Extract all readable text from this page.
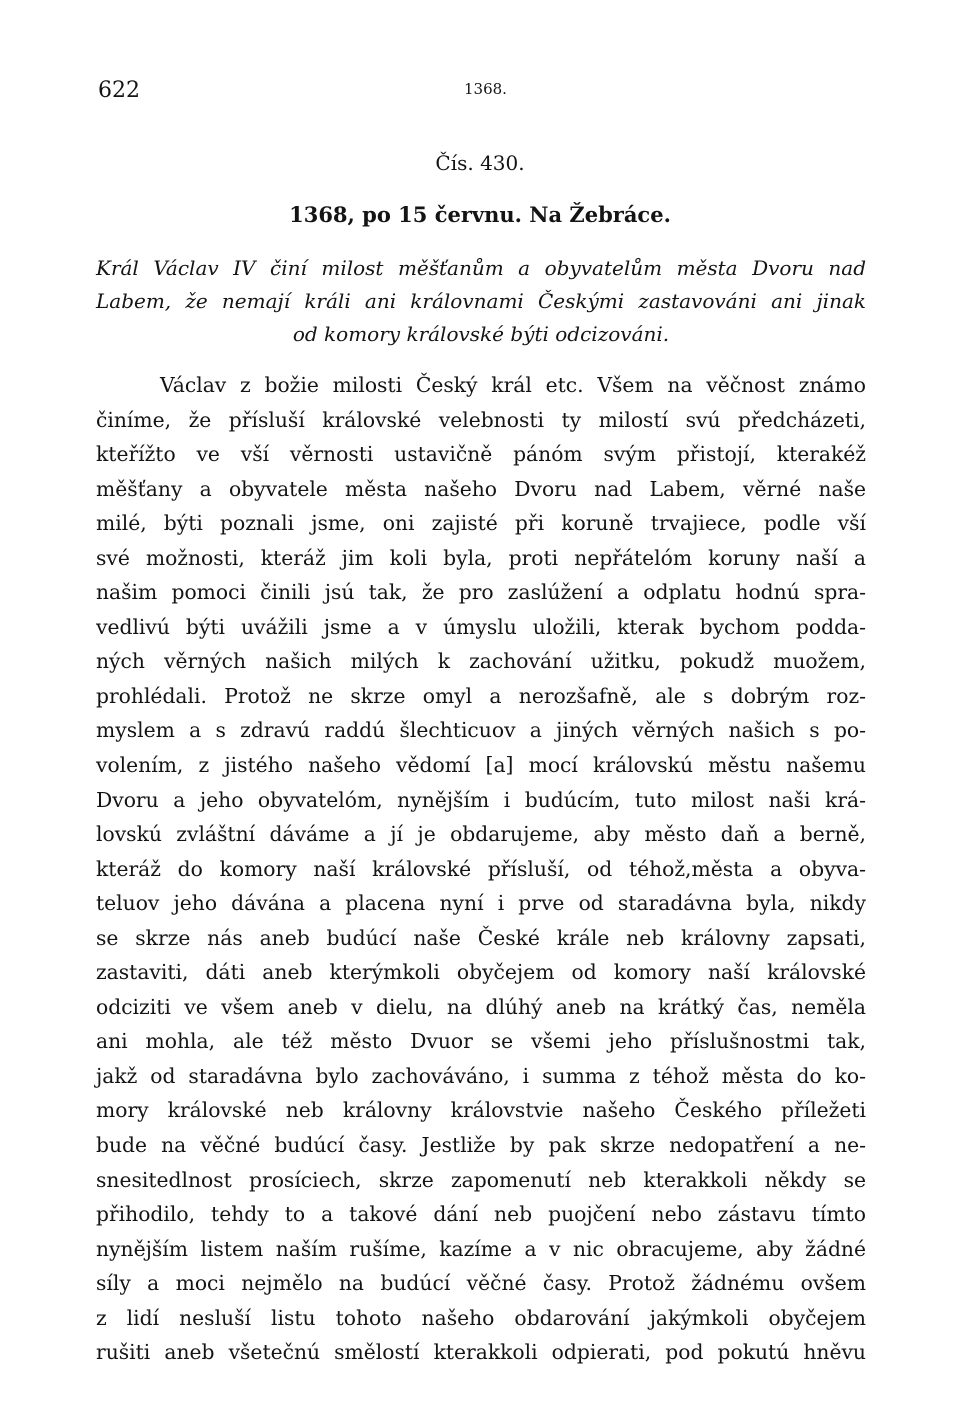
622	1368.
Čís. 430.
1368, po 15 červnu. Na Žebráce.
Král Václav IV činí milost měšťanům a obyvatelům města Dvoru nad
Labem, že nemají králi ani královnami Českými zastavováni ani jinak
od komory královské býti odcizováni.
Václav z božie milosti Český král etc. Všem na věčnost známo
činíme, že přísluší královské velebnosti ty milostí svú předcházeti,
kteřížto ve vší věrnosti ustavičně pánóm svým přistojí, kterakéž
měšťany a obyvatele města našeho Dvoru nad Labem, věrné naše
milé, býti poznali jsme, oni zajisté při koruně trvajiece, podle vší
své možnosti, kteráž jim koli byla, proti nepřátelóm koruny naší a
našim pomoci činili jsú tak, že pro zaslúžení a odplatu hodnú spra-
vedlivú býti uvážili jsme a v úmyslu uložili, kterak bychom podda-
ných věrných našich milých k zachování užitku, pokudž muožem,
prohlédali. Protož ne skrze omyl a nerozšafně, ale s dobrým roz-
myslem a s zdravú raddú šlechticuov a jiných věrných našich s po-
volením, z jistého našeho vědomí [a] mocí královskú městu našemu
Dvoru a jeho obyvatelóm, nynějším i budúcím, tuto milost naši krá-
lovskú zvláštní dáváme a jí je obdarujeme, aby město daň a berně,
kteráž do komory naší královské přísluší, od téhož,města a obyva-
teluov jeho dávána a placena nyní i prve od staradávna byla, nikdy
se skrze nás aneb budúcí naše České krále neb královny zapsati,
zastaviti, dáti aneb kterýmkoli obyčejem od komory naší královské
odciziti ve všem aneb v dielu, na dlúhý aneb na krátký čas, neměla
ani mohla, ale též město Dvuor se všemi jeho příslušnostmi tak,
jakž od staradávna bylo zachováváno, i summa z téhož města do ko-
mory královské neb královny královstvie našeho Českého příležeti
bude na věčné budúcí časy. Jestliže by pak skrze nedopatření a ne-
snesitedlnost prosíciech, skrze zapomenutí neb kterakkoli někdy se
přihodilo, tehdy to a takové dání neb puojčení nebo zástavu tímto
nynějším listem naším rušíme, kazíme a v nic obracujeme, aby žádné
síly a moci nejmělo na budúcí věčné časy. Protož žádnému ovšem
z lidí nesluší listu tohoto našeho obdarování jakýmkoli obyčejem
rušiti aneb všetečnú smělostí kterakkoli odpierati, pod pokutú hněvu
